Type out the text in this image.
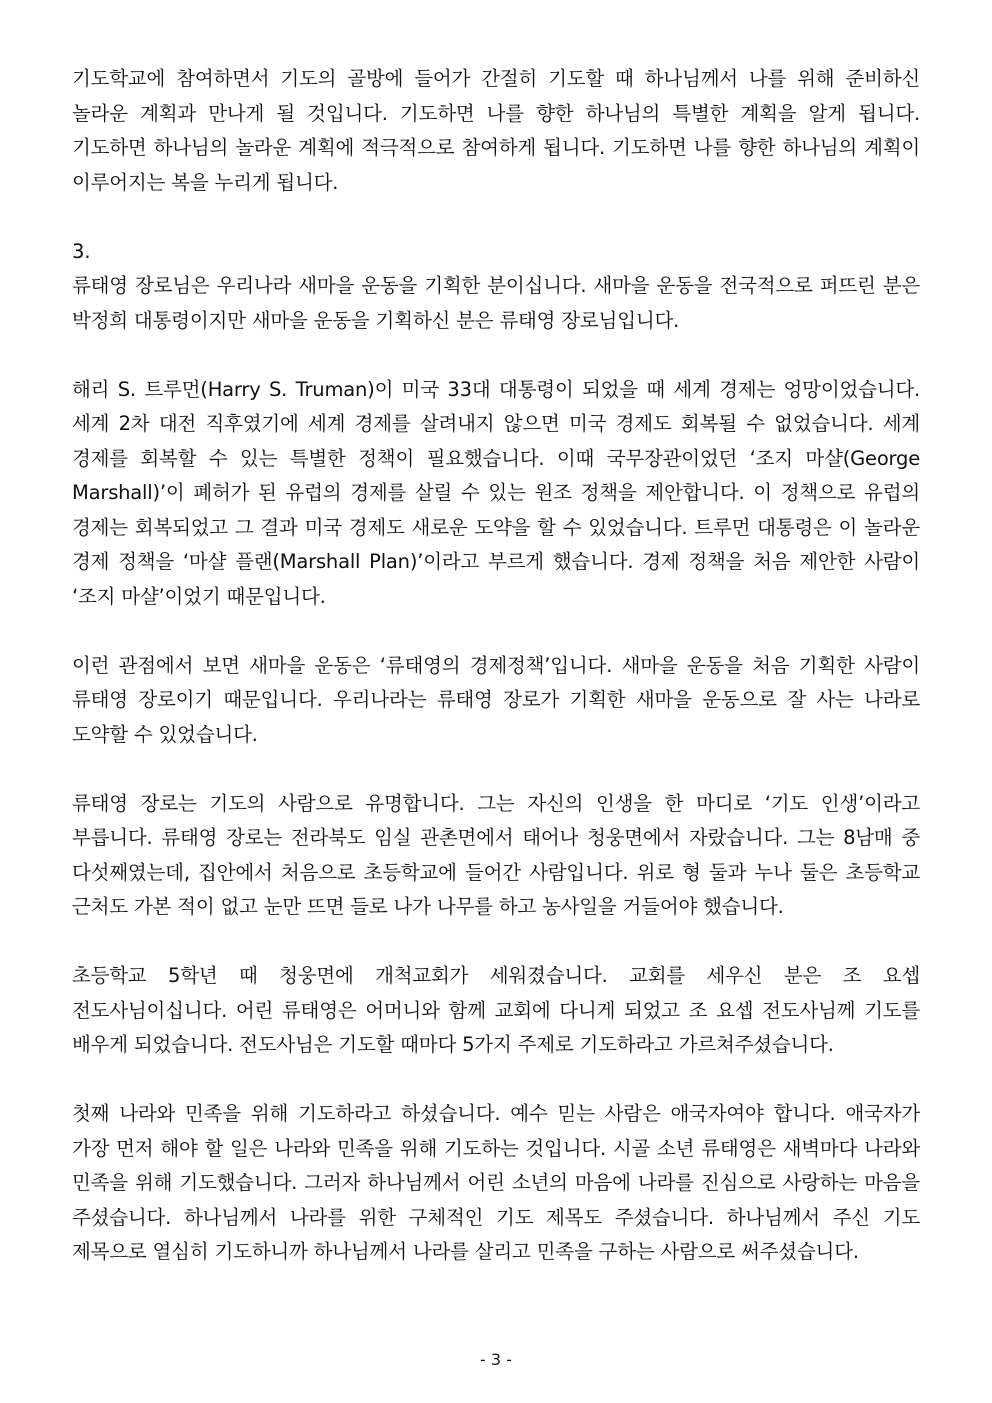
기도학교에 참여하면서 기도의 골방에 들어가 간절히 기도할 때 하나님께서 나를 위해 준비하신 놀라운 계획과 만나게 될 것입니다. 기도하면 나를 향한 하나님의 특별한 계획을 알게 됩니다. 기도하면 하나님의 놀라운 계획에 적극적으로 참여하게 됩니다. 기도하면 나를 향한 하나님의 계획이 이루어지는 복을 누리게 됩니다.

3.

류태영 장로님은 우리나라 새마을 운동을 기획한 분이십니다. 새마을 운동을 전국적으로 퍼뜨린 분은 박정희 대통령이지만 새마을 운동을 기획하신 분은 류태영 장로님입니다.

해리 S. 트루먼(Harry S. Truman)이 미국 33대 대통령이 되었을 때 세계 경제는 엉망이었습니다. 세계 2차 대전 직후였기에 세계 경제를 살려내지 않으면 미국 경제도 회복될 수 없었습니다. 세계 경제를 회복할 수 있는 특별한 정책이 필요했습니다. 이때 국무장관이었던 ‘조지 마샬(George Marshall)’이 폐허가 된 유럽의 경제를 살릴 수 있는 원조 정책을 제안합니다. 이 정책으로 유럽의 경제는 회복되었고 그 결과 미국 경제도 새로운 도약을 할 수 있었습니다. 트루먼 대통령은 이 놀라운 경제 정책을 ‘마샬 플랜(Marshall Plan)’이라고 부르게 했습니다. 경제 정책을 처음 제안한 사람이 ‘조지 마샬’이었기 때문입니다.

이런 관점에서 보면 새마을 운동은 ‘류태영의 경제정책’입니다. 새마을 운동을 처음 기획한 사람이 류태영 장로이기 때문입니다. 우리나라는 류태영 장로가 기획한 새마을 운동으로 잘 사는 나라로 도약할 수 있었습니다.

류태영 장로는 기도의 사람으로 유명합니다. 그는 자신의 인생을 한 마디로 ‘기도 인생’이라고 부릅니다. 류태영 장로는 전라북도 임실 관촌면에서 태어나 청웅면에서 자랐습니다. 그는 8남매 중 다섯째였는데, 집안에서 처음으로 초등학교에 들어간 사람입니다. 위로 형 둘과 누나 둘은 초등학교 근처도 가본 적이 없고 눈만 뜨면 들로 나가 나무를 하고 농사일을 거들어야 했습니다.

초등학교 5학년 때 청웅면에 개척교회가 세워졌습니다. 교회를 세우신 분은 조 요셉 전도사님이십니다. 어린 류태영은 어머니와 함께 교회에 다니게 되었고 조 요셉 전도사님께 기도를 배우게 되었습니다. 전도사님은 기도할 때마다 5가지 주제로 기도하라고 가르쳐주셨습니다.

첫째 나라와 민족을 위해 기도하라고 하셨습니다. 예수 믿는 사람은 애국자여야 합니다. 애국자가 가장 먼저 해야 할 일은 나라와 민족을 위해 기도하는 것입니다. 시골 소년 류태영은 새벽마다 나라와 민족을 위해 기도했습니다. 그러자 하나님께서 어린 소년의 마음에 나라를 진심으로 사랑하는 마음을 주셨습니다. 하나님께서 나라를 위한 구체적인 기도 제목도 주셨습니다. 하나님께서 주신 기도 제목으로 열심히 기도하니까 하나님께서 나라를 살리고 민족을 구하는 사람으로 써주셨습니다.

- 3 -
